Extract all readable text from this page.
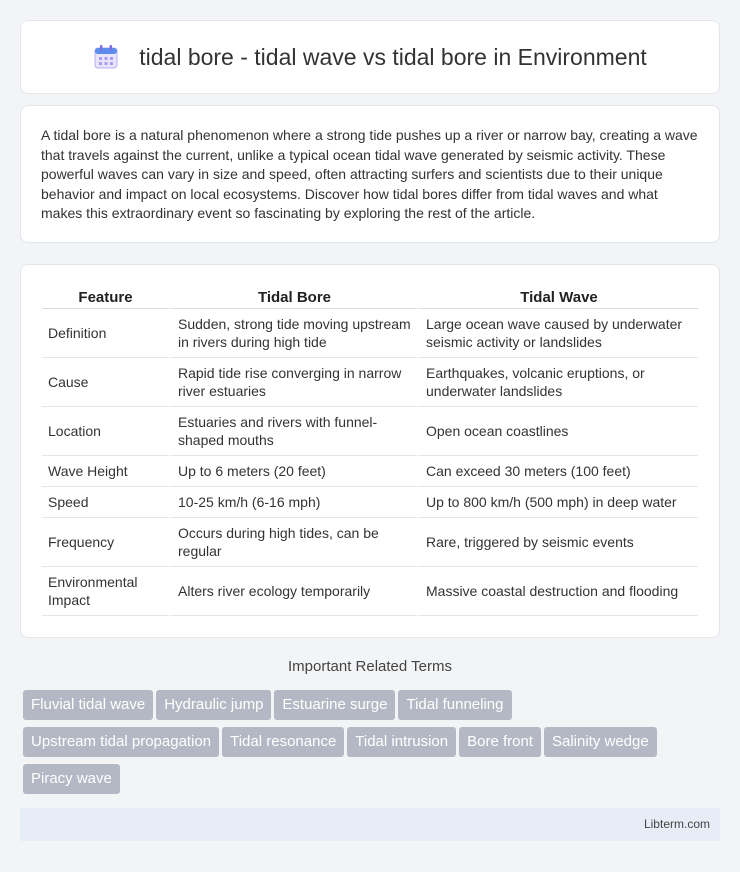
tidal bore - tidal wave vs tidal bore in Environment

A tidal bore is a natural phenomenon where a strong tide pushes up a river or narrow bay, creating a wave that travels against the current, unlike a typical ocean tidal wave generated by seismic activity. These powerful waves can vary in size and speed, often attracting surfers and scientists due to their unique behavior and impact on local ecosystems. Discover how tidal bores differ from tidal waves and what makes this extraordinary event so fascinating by exploring the rest of the article.

Feature	Tidal Bore	Tidal Wave
Definition	Sudden, strong tide moving upstream in rivers during high tide	Large ocean wave caused by underwater seismic activity or landslides
Cause	Rapid tide rise converging in narrow river estuaries	Earthquakes, volcanic eruptions, or underwater landslides
Location	Estuaries and rivers with funnel-shaped mouths	Open ocean coastlines
Wave Height	Up to 6 meters (20 feet)	Can exceed 30 meters (100 feet)
Speed	10-25 km/h (6-16 mph)	Up to 800 km/h (500 mph) in deep water
Frequency	Occurs during high tides, can be regular	Rare, triggered by seismic events
Environmental Impact	Alters river ecology temporarily	Massive coastal destruction and flooding
Important Related Terms
Fluvial tidal wave	Hydraulic jump	Estuarine surge	Tidal funneling
Upstream tidal propagation	Tidal resonance	Tidal intrusion	Bore front	Salinity wedge
Piracy wave
Libterm.com
